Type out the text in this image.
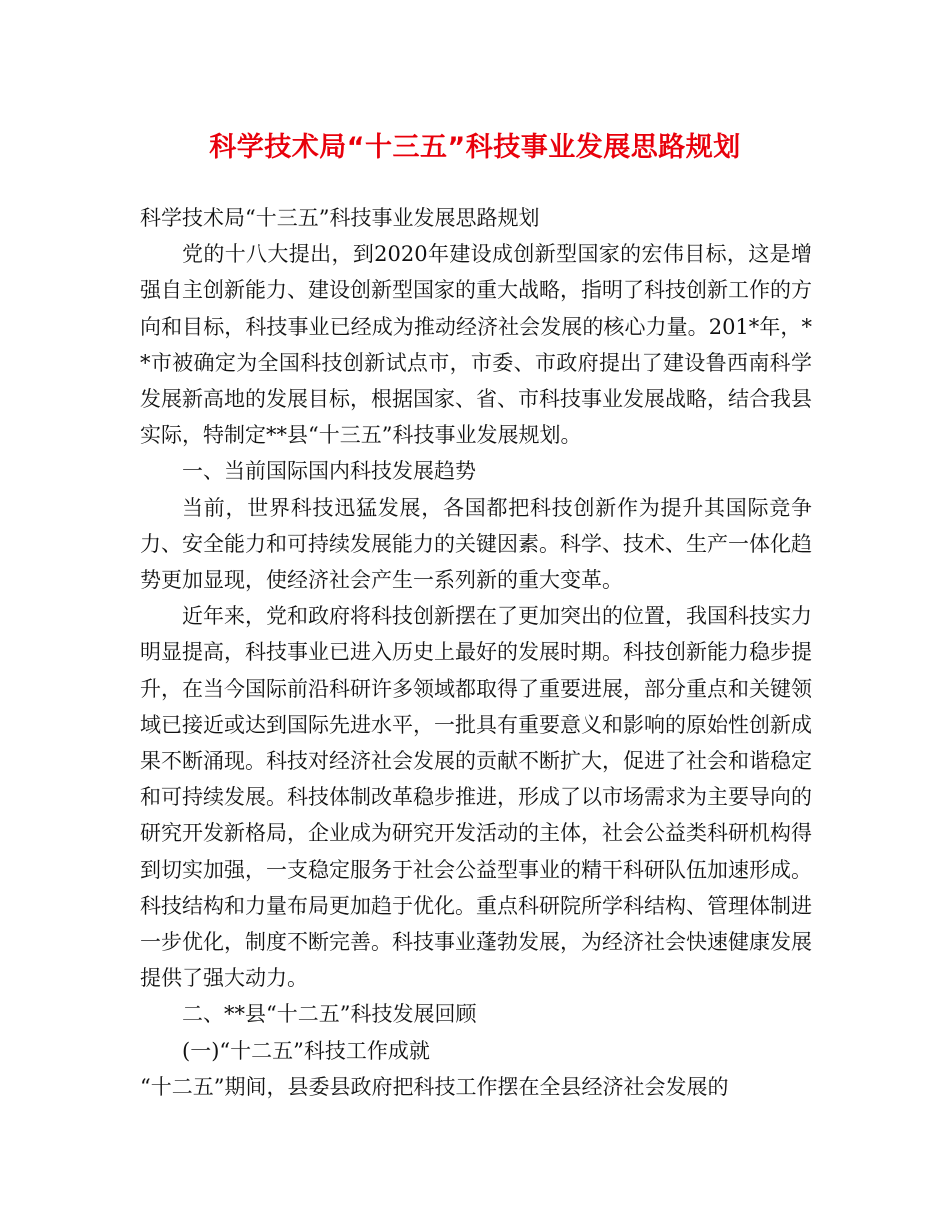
科学技术局“十三五”科技事业发展思路规划

科学技术局“十三五”科技事业发展思路规划

党的十八大提出，到2020年建设成创新型国家的宏伟目标，这是增强自主创新能力、建设创新型国家的重大战略，指明了科技创新工作的方向和目标，科技事业已经成为推动经济社会发展的核心力量。201*年，**市被确定为全国科技创新试点市，市委、市政府提出了建设鲁西南科学发展新高地的发展目标，根据国家、省、市科技事业发展战略，结合我县实际，特制定**县“十三五”科技事业发展规划。

一、当前国际国内科技发展趋势

当前，世界科技迅猛发展，各国都把科技创新作为提升其国际竞争力、安全能力和可持续发展能力的关键因素。科学、技术、生产一体化趋势更加显现，使经济社会产生一系列新的重大变革。

近年来，党和政府将科技创新摆在了更加突出的位置，我国科技实力明显提高，科技事业已进入历史上最好的发展时期。科技创新能力稳步提升，在当今国际前沿科研许多领域都取得了重要进展，部分重点和关键领域已接近或达到国际先进水平，一批具有重要意义和影响的原始性创新成果不断涌现。科技对经济社会发展的贡献不断扩大，促进了社会和谐稳定和可持续发展。科技体制改革稳步推进，形成了以市场需求为主要导向的研究开发新格局，企业成为研究开发活动的主体，社会公益类科研机构得到切实加强，一支稳定服务于社会公益型事业的精干科研队伍加速形成。科技结构和力量布局更加趋于优化。重点科研院所学科结构、管理体制进一步优化，制度不断完善。科技事业蓬勃发展，为经济社会快速健康发展提供了强大动力。

二、**县“十二五”科技发展回顾

(一)“十二五”科技工作成就

“十二五”期间，县委县政府把科技工作摆在全县经济社会发展的
